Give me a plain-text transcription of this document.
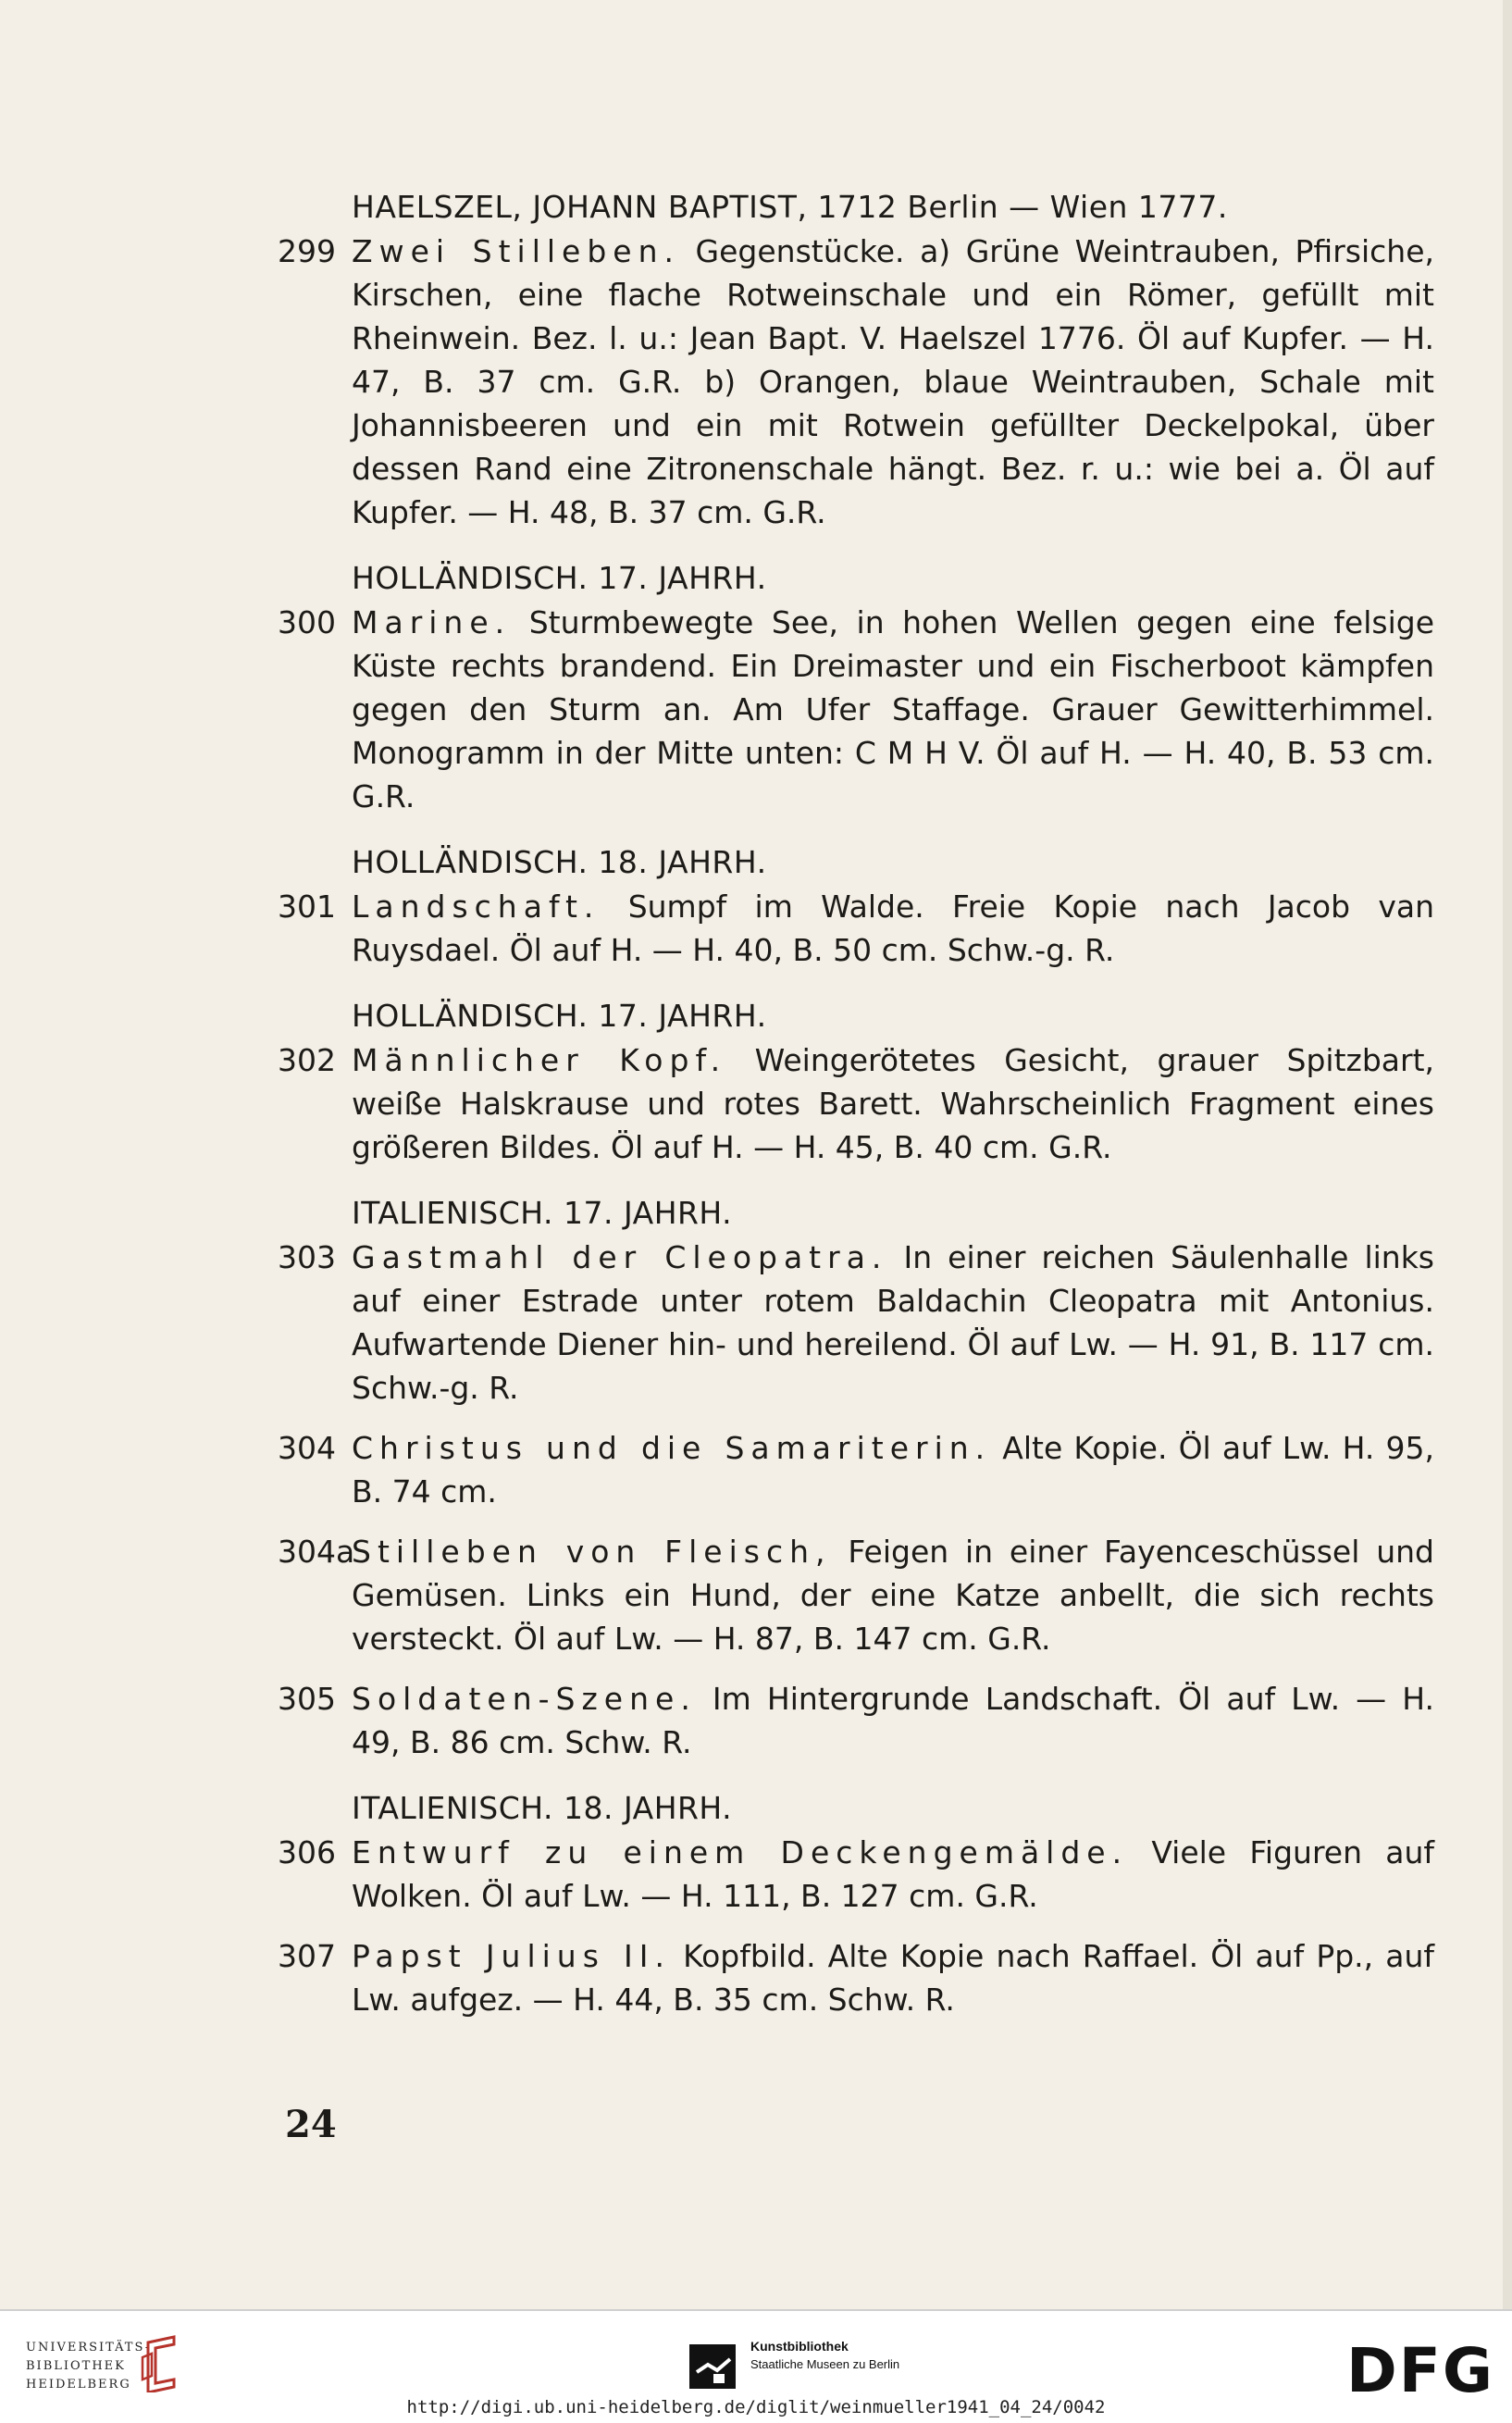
HAELSZEL, JOHANN BAPTIST, 1712 Berlin — Wien 1777.
299 Zwei Stilleben. Gegenstücke. a) Grüne Weintrauben, Pfirsiche, Kirschen, eine flache Rotweinschale und ein Römer, gefüllt mit Rheinwein. Bez. l. u.: Jean Bapt. V. Haelszel 1776. Öl auf Kupfer. — H. 47, B. 37 cm. G.R. b) Orangen, blaue Weintrauben, Schale mit Johannisbeeren und ein mit Rotwein gefüllter Deckelpokal, über dessen Rand eine Zitronenschale hängt. Bez. r. u.: wie bei a. Öl auf Kupfer. — H. 48, B. 37 cm. G.R.
HOLLÄNDISCH. 17. JAHRH.
300 Marine. Sturmbewegte See, in hohen Wellen gegen eine felsige Küste rechts brandend. Ein Dreimaster und ein Fischerboot kämpfen gegen den Sturm an. Am Ufer Staffage. Grauer Gewitterhimmel. Monogramm in der Mitte unten: C M H V. Öl auf H. — H. 40, B. 53 cm. G.R.
HOLLÄNDISCH. 18. JAHRH.
301 Landschaft. Sumpf im Walde. Freie Kopie nach Jacob van Ruysdael. Öl auf H. — H. 40, B. 50 cm. Schw.-g. R.
HOLLÄNDISCH. 17. JAHRH.
302 Männlicher Kopf. Weingerötetes Gesicht, grauer Spitzbart, weiße Halskrause und rotes Barett. Wahrscheinlich Fragment eines größeren Bildes. Öl auf H. — H. 45, B. 40 cm. G.R.
ITALIENISCH. 17. JAHRH.
303 Gastmahl der Cleopatra. In einer reichen Säulenhalle links auf einer Estrade unter rotem Baldachin Cleopatra mit Antonius. Aufwartende Diener hin- und hereilend. Öl auf Lw. — H. 91, B. 117 cm. Schw.-g. R.
304 Christus und die Samariterin. Alte Kopie. Öl auf Lw. H. 95, B. 74 cm.
304a
Stilleben von Fleisch, Feigen in einer Fayenceschüssel und Gemüsen. Links ein Hund, der eine Katze anbellt, die sich rechts versteckt. Öl auf Lw. — H. 87, B. 147 cm. G.R.
305 Soldaten-Szene. Im Hintergrunde Landschaft. Öl auf Lw. — H. 49, B. 86 cm. Schw. R.
ITALIENISCH. 18. JAHRH.
306 Entwurf zu einem Deckengemälde. Viele Figuren auf Wolken. Öl auf Lw. — H. 111, B. 127 cm. G.R.
307 Papst Julius II. Kopfbild. Alte Kopie nach Raffael. Öl auf Pp., auf Lw. aufgez. — H. 44, B. 35 cm. Schw. R.
24
UNIVERSITÄTS-
BIBLIOTHEK
HEIDELBERG
Kunstbibliothek
Staatliche Museen zu Berlin	DFG
http://digi.ub.uni-heidelberg.de/diglit/weinmueller1941_04_24/0042
